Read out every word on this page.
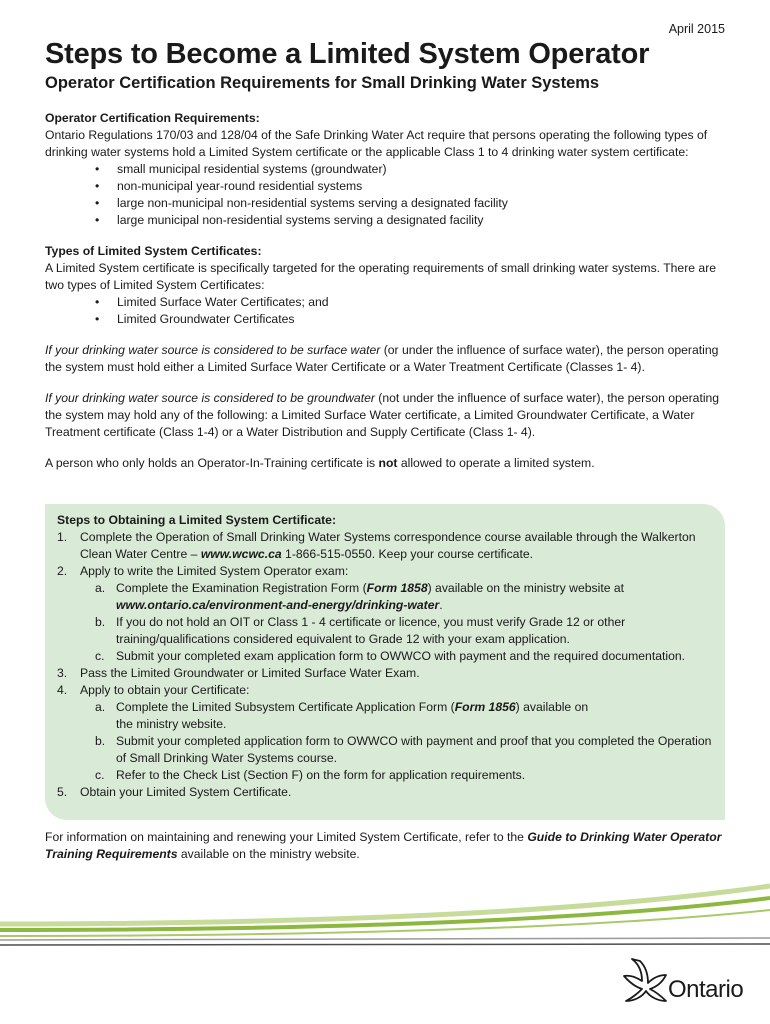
April 2015
Steps to Become a Limited System Operator
Operator Certification Requirements for Small Drinking Water Systems

Operator Certification Requirements:

Ontario Regulations 170/03 and 128/04 of the Safe Drinking Water Act require that persons operating the following types of drinking water systems hold a Limited System certificate or the applicable Class 1 to 4 drinking water system certificate:

• small municipal residential systems (groundwater)
• non-municipal year-round residential systems
• large non-municipal non-residential systems serving a designated facility
• large municipal non-residential systems serving a designated facility

Types of Limited System Certificates:

A Limited System certificate is specifically targeted for the operating requirements of small drinking water systems. There are two types of Limited System Certificates:

• Limited Surface Water Certificates; and
• Limited Groundwater Certificates

If your drinking water source is considered to be surface water (or under the influence of surface water), the person operating the system must hold either a Limited Surface Water Certificate or a Water Treatment Certificate (Classes 1- 4).

If your drinking water source is considered to be groundwater (not under the influence of surface water), the person operating the system may hold any of the following: a Limited Surface Water certificate, a Limited Groundwater Certificate, a Water Treatment certificate (Class 1-4) or a Water Distribution and Supply Certificate (Class 1- 4).

A person who only holds an Operator-In-Training certificate is not allowed to operate a limited system.

Steps to Obtaining a Limited System Certificate:
1. Complete the Operation of Small Drinking Water Systems correspondence course available through the Walkerton Clean Water Centre – www.wcwc.ca 1-866-515-0550. Keep your course certificate.
2. Apply to write the Limited System Operator exam:
a. Complete the Examination Registration Form (Form 1858) available on the ministry website at www.ontario.ca/environment-and-energy/drinking-water.
b. If you do not hold an OIT or Class 1 - 4 certificate or licence, you must verify Grade 12 or other training/qualifications considered equivalent to Grade 12 with your exam application.
c. Submit your completed exam application form to OWWCO with payment and the required documentation.
3. Pass the Limited Groundwater or Limited Surface Water Exam.
4. Apply to obtain your Certificate:
a. Complete the Limited Subsystem Certificate Application Form (Form 1856) available on the ministry website.
b. Submit your completed application form to OWWCO with payment and proof that you completed the Operation of Small Drinking Water Systems course.
c. Refer to the Check List (Section F) on the form for application requirements.
5. Obtain your Limited System Certificate.

For information on maintaining and renewing your Limited System Certificate, refer to the Guide to Drinking Water Operator Training Requirements available on the ministry website.

Ontario
